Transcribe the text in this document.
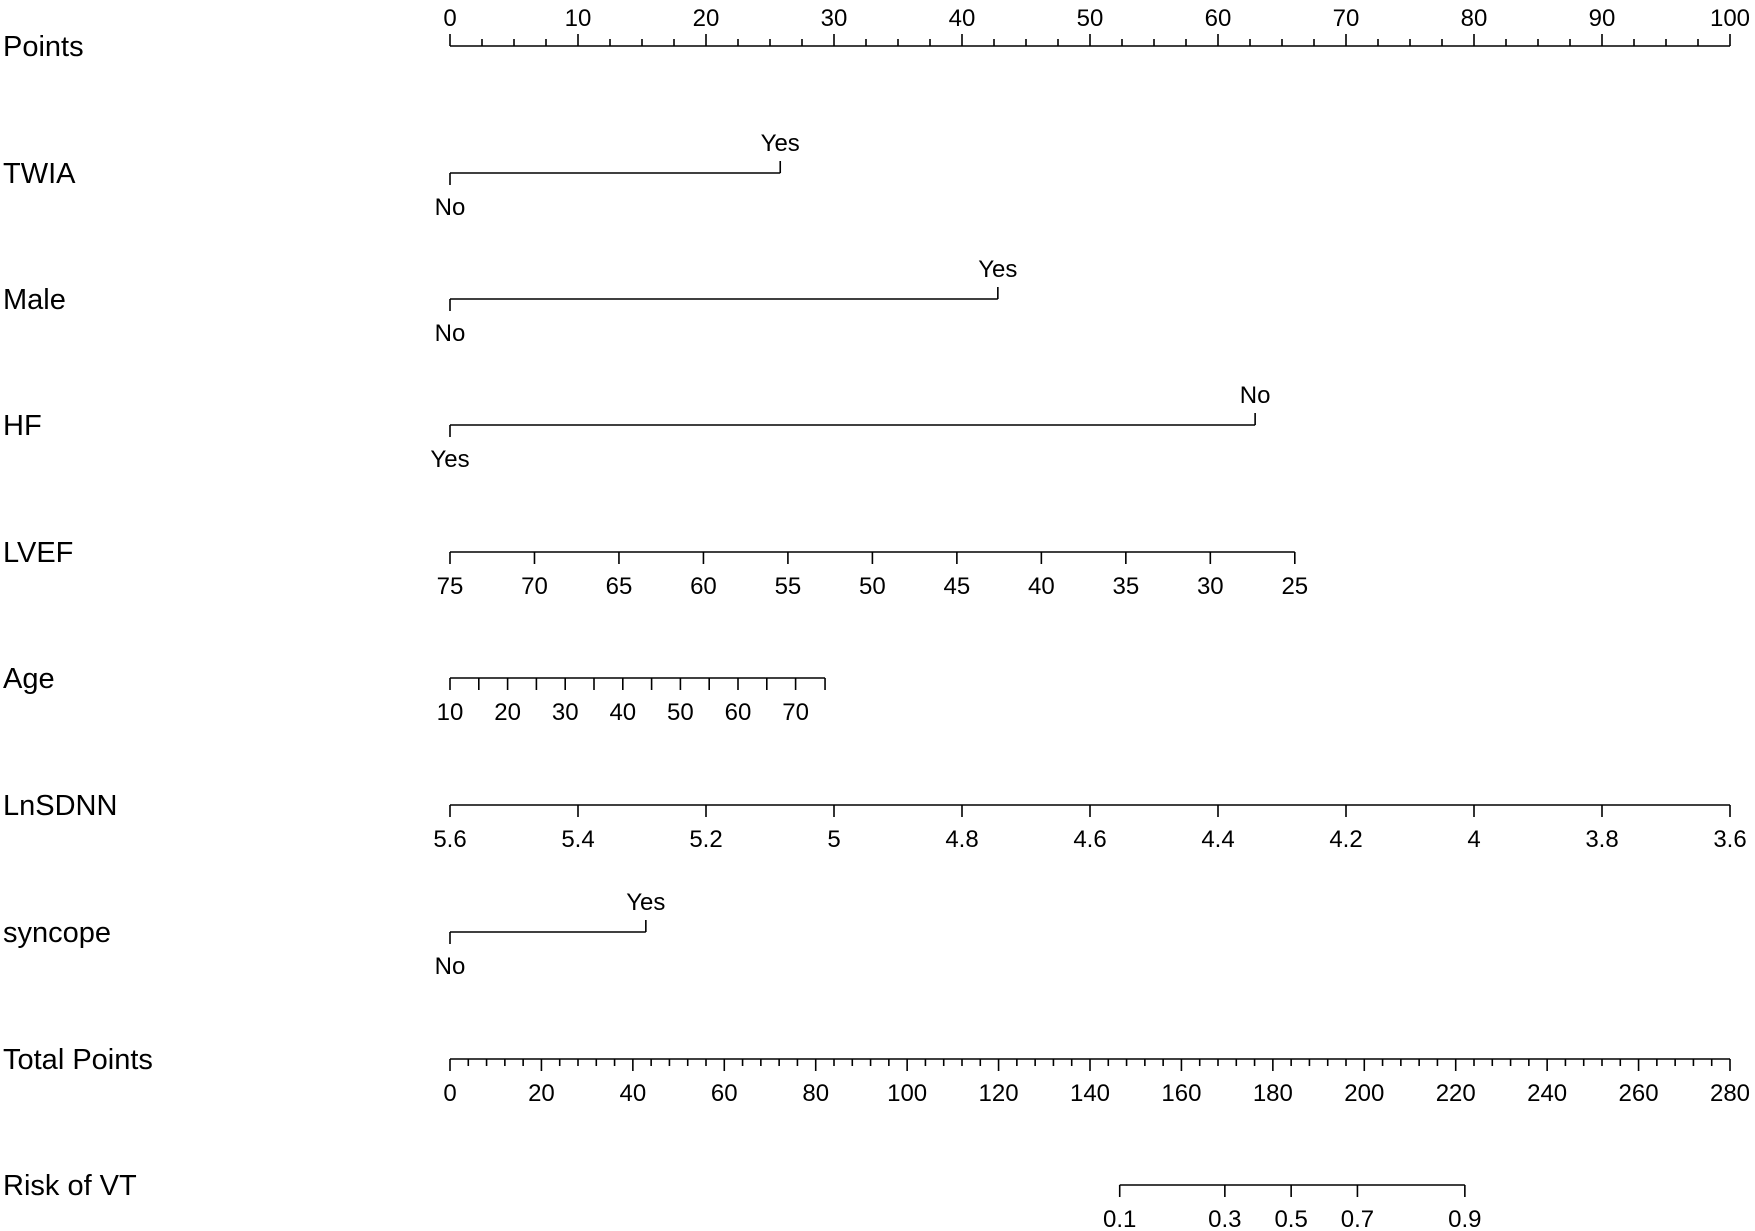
Points
0	10	20	30	40	50	60	70	80	90	100
TWIA
No
Yes
Male
No
Yes
HF
Yes
No
LVEF
75 70 65 60 55 50 45 40 35 30 25
Age
10 20 30 40 50 60 70
LnSDNN
5.6	5.4	5.2	5	4.8	4.6	4.4	4.2	4	3.8	3.6
syncope
No
Yes
Total Points
0	20	40	60	80 100 120 140 160 180 200 220 240 260 280
Risk of VT
0.1	0.3 0.5 0.7	0.9
